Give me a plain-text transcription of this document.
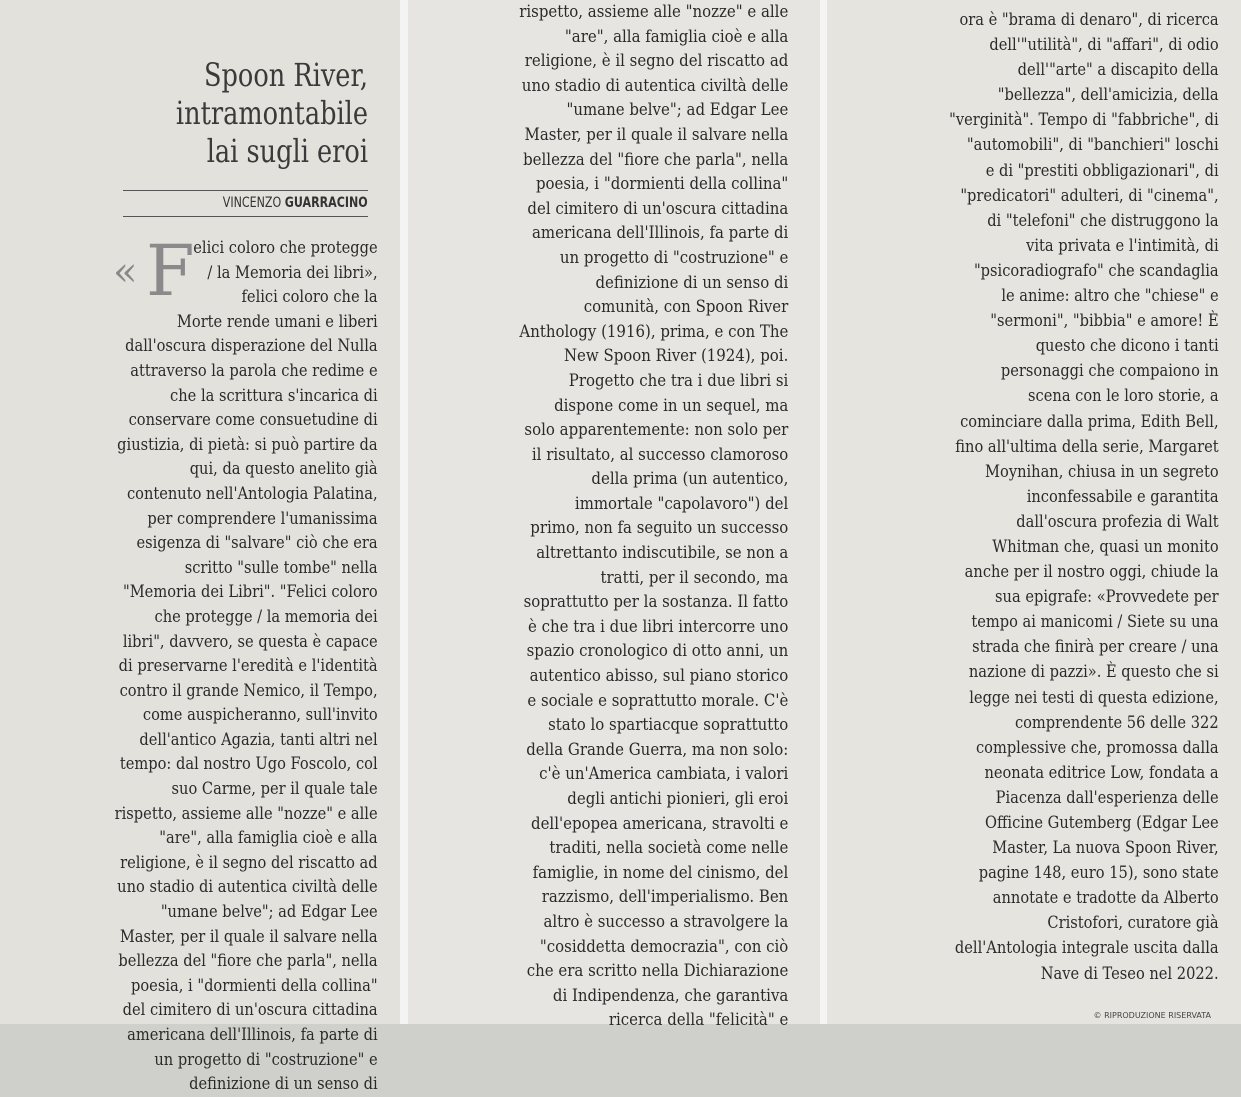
Spoon River,
intramontabile
lai sugli eroi
VINCENZO GUARRACINO
« F
elici coloro che protegge
/ la Memoria dei libri»,
felici coloro che la
Morte rende umani e liberi
dall'oscura disperazione del Nulla
attraverso la parola che redime e
che la scrittura s'incarica di
conservare come consuetudine di
giustizia, di pietà: si può partire da
qui, da questo anelito già
contenuto nell'Antologia Palatina,
per comprendere l'umanissima
esigenza di "salvare" ciò che era
scritto "sulle tombe" nella
"Memoria dei Libri". "Felici coloro
che protegge / la memoria dei
libri", davvero, se questa è capace
di preservarne l'eredità e l'identità
contro il grande Nemico, il Tempo,
come auspicheranno, sull'invito
dell'antico Agazia, tanti altri nel
tempo: dal nostro Ugo Foscolo, col
suo Carme, per il quale tale
rispetto, assieme alle "nozze" e alle
"are", alla famiglia cioè e alla
religione, è il segno del riscatto ad
uno stadio di autentica civiltà delle
"umane belve"; ad Edgar Lee
Master, per il quale il salvare nella
bellezza del "fiore che parla", nella
poesia, i "dormienti della collina"
del cimitero di un'oscura cittadina
americana dell'Illinois, fa parte di
un progetto di "costruzione" e
definizione di un senso di
rispetto, assieme alle "nozze" e alle
"are", alla famiglia cioè e alla
religione, è il segno del riscatto ad
uno stadio di autentica civiltà delle
"umane belve"; ad Edgar Lee
Master, per il quale il salvare nella
bellezza del "fiore che parla", nella
poesia, i "dormienti della collina"
del cimitero di un'oscura cittadina
americana dell'Illinois, fa parte di
un progetto di "costruzione" e
definizione di un senso di
comunità, con Spoon River
Anthology (1916), prima, e con The
New Spoon River (1924), poi.
Progetto che tra i due libri si
dispone come in un sequel, ma
solo apparentemente: non solo per
il risultato, al successo clamoroso
della prima (un autentico,
immortale "capolavoro") del
primo, non fa seguito un successo
altrettanto indiscutibile, se non a
tratti, per il secondo, ma
soprattutto per la sostanza. Il fatto
è che tra i due libri intercorre uno
spazio cronologico di otto anni, un
autentico abisso, sul piano storico
e sociale e soprattutto morale. C'è
stato lo spartiacque soprattutto
della Grande Guerra, ma non solo:
c'è un'America cambiata, i valori
degli antichi pionieri, gli eroi
dell'epopea americana, stravolti e
traditi, nella società come nelle
famiglie, in nome del cinismo, del
razzismo, dell'imperialismo. Ben
altro è successo a stravolgere la
"cosiddetta democrazia", con ciò
che era scritto nella Dichiarazione
di Indipendenza, che garantiva
ricerca della "felicità" e
ora è "brama di denaro", di ricerca
dell'"utilità", di "affari", di odio
dell'"arte" a discapito della
"bellezza", dell'amicizia, della
"verginità". Tempo di "fabbriche", di
"automobili", di "banchieri" loschi
e di "prestiti obbligazionari", di
"predicatori" adulteri, di "cinema",
di "telefoni" che distruggono la
vita privata e l'intimità, di
"psicoradiografo" che scandaglia
le anime: altro che "chiese" e
"sermoni", "bibbia" e amore! È
questo che dicono i tanti
personaggi che compaiono in
scena con le loro storie, a
cominciare dalla prima, Edith Bell,
fino all'ultima della serie, Margaret
Moynihan, chiusa in un segreto
inconfessabile e garantita
dall'oscura profezia di Walt
Whitman che, quasi un monito
anche per il nostro oggi, chiude la
sua epigrafe: «Provvedete per
tempo ai manicomi / Siete su una
strada che finirà per creare / una
nazione di pazzi». È questo che si
legge nei testi di questa edizione,
comprendente 56 delle 322
complessive che, promossa dalla
neonata editrice Low, fondata a
Piacenza dall'esperienza delle
Officine Gutemberg (Edgar Lee
Master, La nuova Spoon River,
pagine 148, euro 15), sono state
annotate e tradotte da Alberto
Cristofori, curatore già
dell'Antologia integrale uscita dalla
Nave di Teseo nel 2022.
© RIPRODUZIONE RISERVATA
